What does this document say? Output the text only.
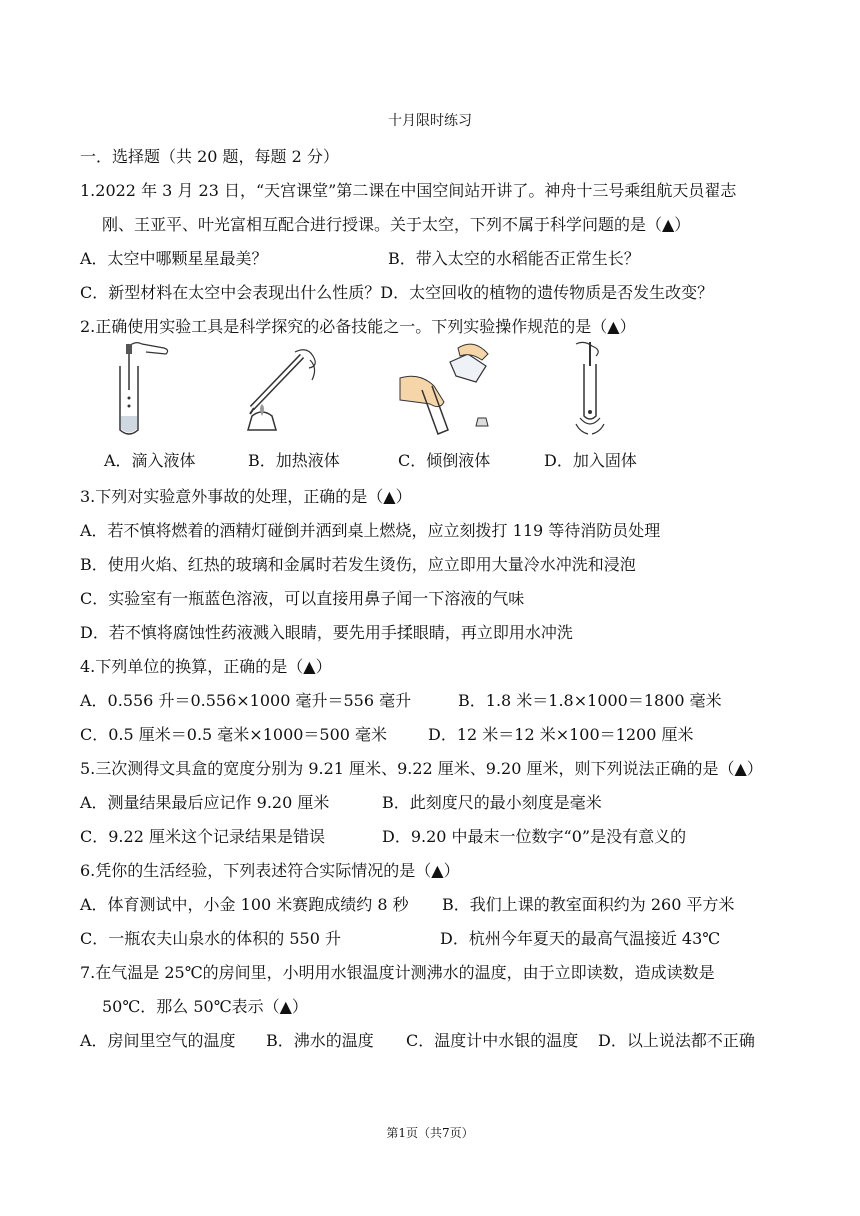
十月限时练习
一．选择题（共 20 题，每题 2 分）
1.2022 年 3 月 23 日，“天宫课堂”第二课在中国空间站开讲了。神舟十三号乘组航天员翟志
刚、王亚平、叶光富相互配合进行授课。关于太空，下列不属于科学问题的是（▲）
A．太空中哪颗星星最美？	B．带入太空的水稻能否正常生长？
C．新型材料在太空中会表现出什么性质？D．太空回收的植物的遗传物质是否发生改变？
2.正确使用实验工具是科学探究的必备技能之一。下列实验操作规范的是（▲）
A．滴入液体	B．加热液体	C．倾倒液体	D．加入固体
3.下列对实验意外事故的处理，正确的是（▲）
A．若不慎将燃着的酒精灯碰倒并洒到桌上燃烧，应立刻拨打 119 等待消防员处理
B．使用火焰、红热的玻璃和金属时若发生烫伤，应立即用大量冷水冲洗和浸泡
C．实验室有一瓶蓝色溶液，可以直接用鼻子闻一下溶液的气味
D．若不慎将腐蚀性药液溅入眼睛，要先用手揉眼睛，再立即用水冲洗
4.下列单位的换算，正确的是（▲）
A．0.556 升＝0.556×1000 毫升＝556 毫升	B．1.8 米＝1.8×1000＝1800 毫米
C．0.5 厘米＝0.5 毫米×1000＝500 毫米	D．12 米＝12 米×100＝1200 厘米
5.三次测得文具盒的宽度分别为 9.21 厘米、9.22 厘米、9.20 厘米，则下列说法正确的是（▲）
A．测量结果最后应记作 9.20 厘米	B．此刻度尺的最小刻度是毫米
C．9.22 厘米这个记录结果是错误	D．9.20 中最末一位数字“0”是没有意义的
6.凭你的生活经验，下列表述符合实际情况的是（▲）
A．体育测试中，小金 100 米赛跑成绩约 8 秒 B．我们上课的教室面积约为 260 平方米
C．一瓶农夫山泉水的体积的 550 升	D．杭州今年夏天的最高气温接近 43℃
7.在气温是 25℃的房间里，小明用水银温度计测沸水的温度，由于立即读数，造成读数是
50℃．那么 50℃表示（▲）
A．房间里空气的温度 B．沸水的温度 C．温度计中水银的温度 D．以上说法都不正确
第1页（共7页）
